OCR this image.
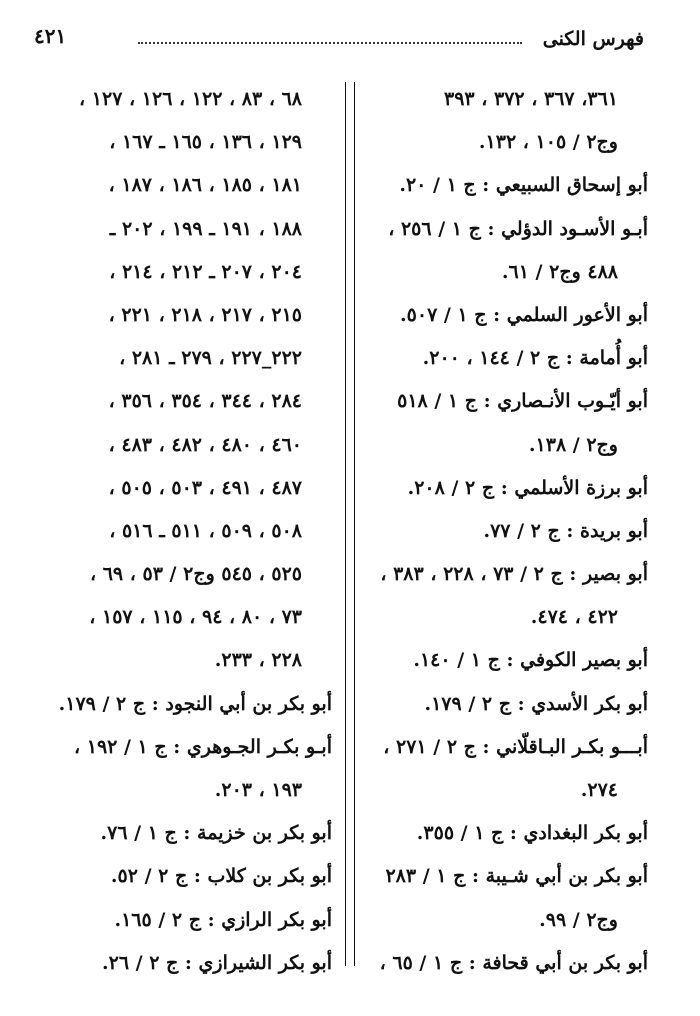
فهرس الكنى
٤٢١
٣٦١، ٣٦٧ ، ٣٧٢ ، ٣٩٣
وج٢ / ١٠٥ ، ١٣٢.
أبو إسحاق السبيعي : ج ١ / ٢٠.
أبـو الأسـود الدؤلي : ج ١ / ٢٥٦ ،
٤٨٨ وج٢ / ٦١.
أبو الأعور السلمي : ج ١ / ٥٠٧.
أبو أُمامة : ج ٢ / ١٤٤ ، ٢٠٠.
أبو أيّـوب الأنـصاري : ج ١ / ٥١٨
وج٢ / ١٣٨.
أبو برزة الأسلمي : ج ٢ / ٢٠٨.
أبو بريدة : ج ٢ / ٧٧.
أبو بصير : ج ٢ / ٧٣ ، ٢٢٨ ، ٣٨٣ ،
٤٢٢ ، ٤٧٤.
أبو بصير الكوفي : ج ١ / ١٤٠.
أبو بكر الأسدي : ج ٢ / ١٧٩.
أبـــو بكـر البـاقلّاني : ج ٢ / ٢٧١ ،
٢٧٤.
أبو بكر البغدادي : ج ١ / ٣٥٥.
أبو بكر بن أبي شـيبة : ج ١ / ٢٨٣
وج٢ / ٩٩.
أبو بكر بن أبي قحافة : ج ١ / ٦٥ ،
٦٨ ، ٨٣ ، ١٢٢ ، ١٢٦ ، ١٢٧ ،
١٢٩ ، ١٣٦ ، ١٦٥ ـ ١٦٧ ،
١٨١ ، ١٨٥ ، ١٨٦ ، ١٨٧ ،
١٨٨ ، ١٩١ ـ ١٩٩ ، ٢٠٢ ـ
٢٠٤ ، ٢٠٧ ـ ٢١٢ ، ٢١٤ ،
٢١٥ ، ٢١٧ ، ٢١٨ ، ٢٢١ ،
٢٢٢_٢٢٧ ، ٢٧٩ ـ ٢٨١ ،
٢٨٤ ، ٣٤٤ ، ٣٥٤ ، ٣٥٦ ،
٤٦٠ ، ٤٨٠ ، ٤٨٢ ، ٤٨٣ ،
٤٨٧ ، ٤٩١ ، ٥٠٣ ، ٥٠٥ ،
٥٠٨ ، ٥٠٩ ، ٥١١ ـ ٥١٦ ،
٥٢٥ ، ٥٤٥ وج٢ / ٥٣ ، ٦٩ ،
٧٣ ، ٨٠ ، ٩٤ ، ١١٥ ، ١٥٧ ،
٢٢٨ ، ٢٣٣.
أبو بكر بن أبي النجود : ج ٢ / ١٧٩.
أبـو بكـر الجـوهري : ج ١ / ١٩٢ ،
١٩٣ ، ٢٠٣.
أبو بكر بن خزيمة : ج ١ / ٧٦.
أبو بكر بن كلاب : ج ٢ / ٥٢.
أبو بكر الرازي : ج ٢ / ١٦٥.
أبو بكر الشيرازي : ج ٢ / ٢٦.
